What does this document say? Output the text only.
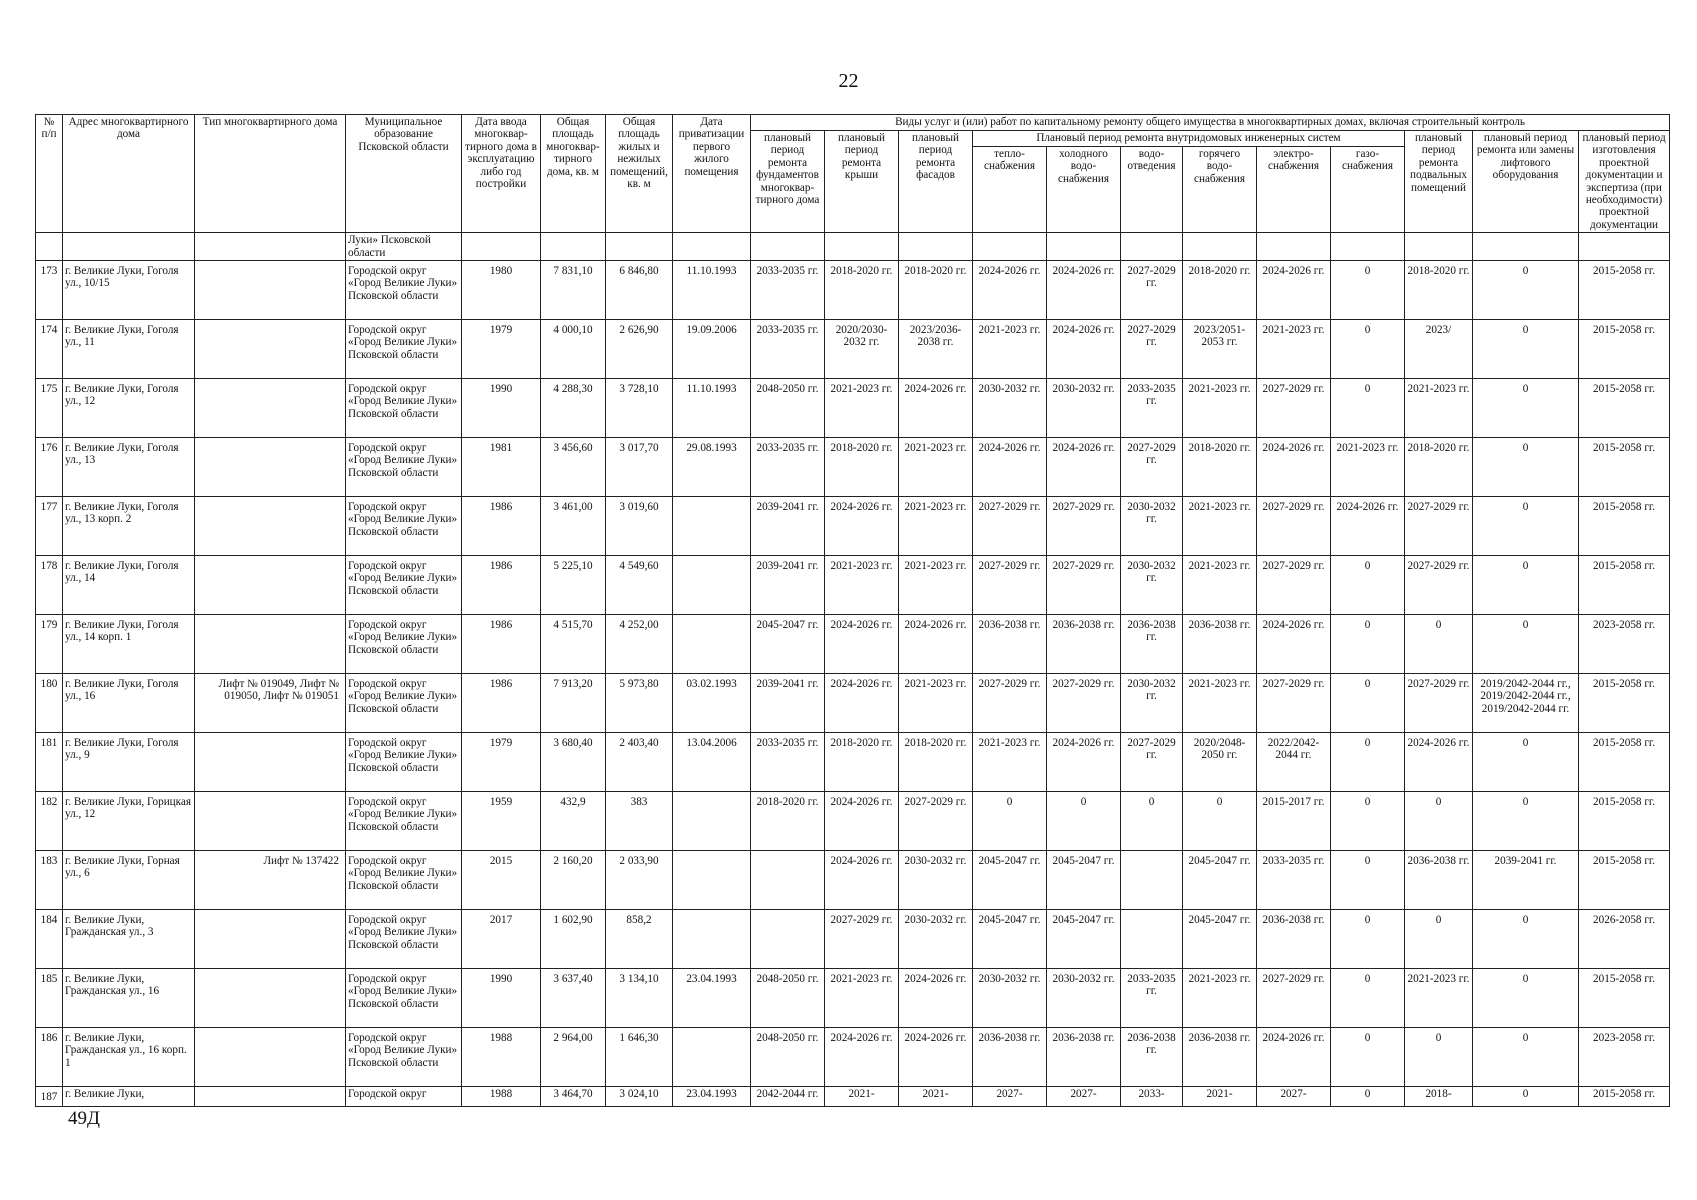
22
№ п/п	Адрес многоквартирного дома	Тип многоквартирного дома	Муниципальное образование Псковской области	Дата ввода многоквар-тирного дома в эксплуатацию либо год постройки	Общая площадь многоквар-тирного дома, кв. м	Общая площадь жилых и нежилых помещений, кв. м	Дата приватизации первого жилого помещения	Виды услуг и (или) работ по капитальному ремонту общего имущества в многоквартирных домах, включая строительный контроль											
								плановый период ремонта фундаментов многоквар-тирного дома	плановый период ремонта крыши	плановый период ремонта фасадов	Плановый период ремонта внутридомовых инженерных систем						плановый период ремонта подвальных помещений	плановый период ремонта или замены лифтового оборудования	плановый период изготовления проектной документации и экспертиза (при необходимости) проектной документации
											тепло-снабжения	холодного водо-снабжения	водо-отведения	горячего водо-снабжения	электро-снабжения	газо-снабжения			
			Луки» Псковской области																
173	г. Великие Луки, Гоголя ул., 10/15		Городской округ «Город Великие Луки» Псковской области	1980	7 831,10	6 846,80	11.10.1993	2033-2035 гг.	2018-2020 гг.	2018-2020 гг.	2024-2026 гг.	2024-2026 гг.	2027-2029 гг.	2018-2020 гг.	2024-2026 гг.	0	2018-2020 гг.	0	2015-2058 гг.
174	г. Великие Луки, Гоголя ул., 11		Городской округ «Город Великие Луки» Псковской области	1979	4 000,10	2 626,90	19.09.2006	2033-2035 гг.	2020/2030-2032 гг.	2023/2036-2038 гг.	2021-2023 гг.	2024-2026 гг.	2027-2029 гг.	2023/2051-2053 гг.	2021-2023 гг.	0	2023/	0	2015-2058 гг.
175	г. Великие Луки, Гоголя ул., 12		Городской округ «Город Великие Луки» Псковской области	1990	4 288,30	3 728,10	11.10.1993	2048-2050 гг.	2021-2023 гг.	2024-2026 гг.	2030-2032 гг.	2030-2032 гг.	2033-2035 гг.	2021-2023 гг.	2027-2029 гг.	0	2021-2023 гг.	0	2015-2058 гг.
176	г. Великие Луки, Гоголя ул., 13		Городской округ «Город Великие Луки» Псковской области	1981	3 456,60	3 017,70	29.08.1993	2033-2035 гг.	2018-2020 гг.	2021-2023 гг.	2024-2026 гг.	2024-2026 гг.	2027-2029 гг.	2018-2020 гг.	2024-2026 гг.	2021-2023 гг.	2018-2020 гг.	0	2015-2058 гг.
177	г. Великие Луки, Гоголя ул., 13 корп. 2		Городской округ «Город Великие Луки» Псковской области	1986	3 461,00	3 019,60		2039-2041 гг.	2024-2026 гг.	2021-2023 гг.	2027-2029 гг.	2027-2029 гг.	2030-2032 гг.	2021-2023 гг.	2027-2029 гг.	2024-2026 гг.	2027-2029 гг.	0	2015-2058 гг.
178	г. Великие Луки, Гоголя ул., 14		Городской округ «Город Великие Луки» Псковской области	1986	5 225,10	4 549,60		2039-2041 гг.	2021-2023 гг.	2021-2023 гг.	2027-2029 гг.	2027-2029 гг.	2030-2032 гг.	2021-2023 гг.	2027-2029 гг.	0	2027-2029 гг.	0	2015-2058 гг.
179	г. Великие Луки, Гоголя ул., 14 корп. 1		Городской округ «Город Великие Луки» Псковской области	1986	4 515,70	4 252,00		2045-2047 гг.	2024-2026 гг.	2024-2026 гг.	2036-2038 гг.	2036-2038 гг.	2036-2038 гг.	2036-2038 гг.	2024-2026 гг.	0	0	0	2023-2058 гг.
180	г. Великие Луки, Гоголя ул., 16	Лифт № 019049, Лифт № 019050, Лифт № 019051	Городской округ «Город Великие Луки» Псковской области	1986	7 913,20	5 973,80	03.02.1993	2039-2041 гг.	2024-2026 гг.	2021-2023 гг.	2027-2029 гг.	2027-2029 гг.	2030-2032 гг.	2021-2023 гг.	2027-2029 гг.	0	2027-2029 гг.	2019/2042-2044 гг., 2019/2042-2044 гг., 2019/2042-2044 гг.	2015-2058 гг.
181	г. Великие Луки, Гоголя ул., 9		Городской округ «Город Великие Луки» Псковской области	1979	3 680,40	2 403,40	13.04.2006	2033-2035 гг.	2018-2020 гг.	2018-2020 гг.	2021-2023 гг.	2024-2026 гг.	2027-2029 гг.	2020/2048-2050 гг.	2022/2042-2044 гг.	0	2024-2026 гг.	0	2015-2058 гг.
182	г. Великие Луки, Горицкая ул., 12		Городской округ «Город Великие Луки» Псковской области	1959	432,9	383		2018-2020 гг.	2024-2026 гг.	2027-2029 гг.	0	0	0	0	2015-2017 гг.	0	0	0	2015-2058 гг.
183	г. Великие Луки, Горная ул., 6	Лифт № 137422	Городской округ «Город Великие Луки» Псковской области	2015	2 160,20	2 033,90			2024-2026 гг.	2030-2032 гг.	2045-2047 гг.	2045-2047 гг.		2045-2047 гг.	2033-2035 гг.	0	2036-2038 гг.	2039-2041 гг.	2015-2058 гг.
184	г. Великие Луки, Гражданская ул., 3		Городской округ «Город Великие Луки» Псковской области	2017	1 602,90	858,2			2027-2029 гг.	2030-2032 гг.	2045-2047 гг.	2045-2047 гг.		2045-2047 гг.	2036-2038 гг.	0	0	0	2026-2058 гг.
185	г. Великие Луки, Гражданская ул., 16		Городской округ «Город Великие Луки» Псковской области	1990	3 637,40	3 134,10	23.04.1993	2048-2050 гг.	2021-2023 гг.	2024-2026 гг.	2030-2032 гг.	2030-2032 гг.	2033-2035 гг.	2021-2023 гг.	2027-2029 гг.	0	2021-2023 гг.	0	2015-2058 гг.
186	г. Великие Луки, Гражданская ул., 16 корп. 1		Городской округ «Город Великие Луки» Псковской области	1988	2 964,00	1 646,30		2048-2050 гг.	2024-2026 гг.	2024-2026 гг.	2036-2038 гг.	2036-2038 гг.	2036-2038 гг.	2036-2038 гг.	2024-2026 гг.	0	0	0	2023-2058 гг.
187	г. Великие Луки,		Городской округ	1988	3 464,70	3 024,10	23.04.1993	2042-2044 гг.	2021-	2021-	2027-	2027-	2033-	2021-	2027-	0	2018-	0	2015-2058 гг.
49Д
